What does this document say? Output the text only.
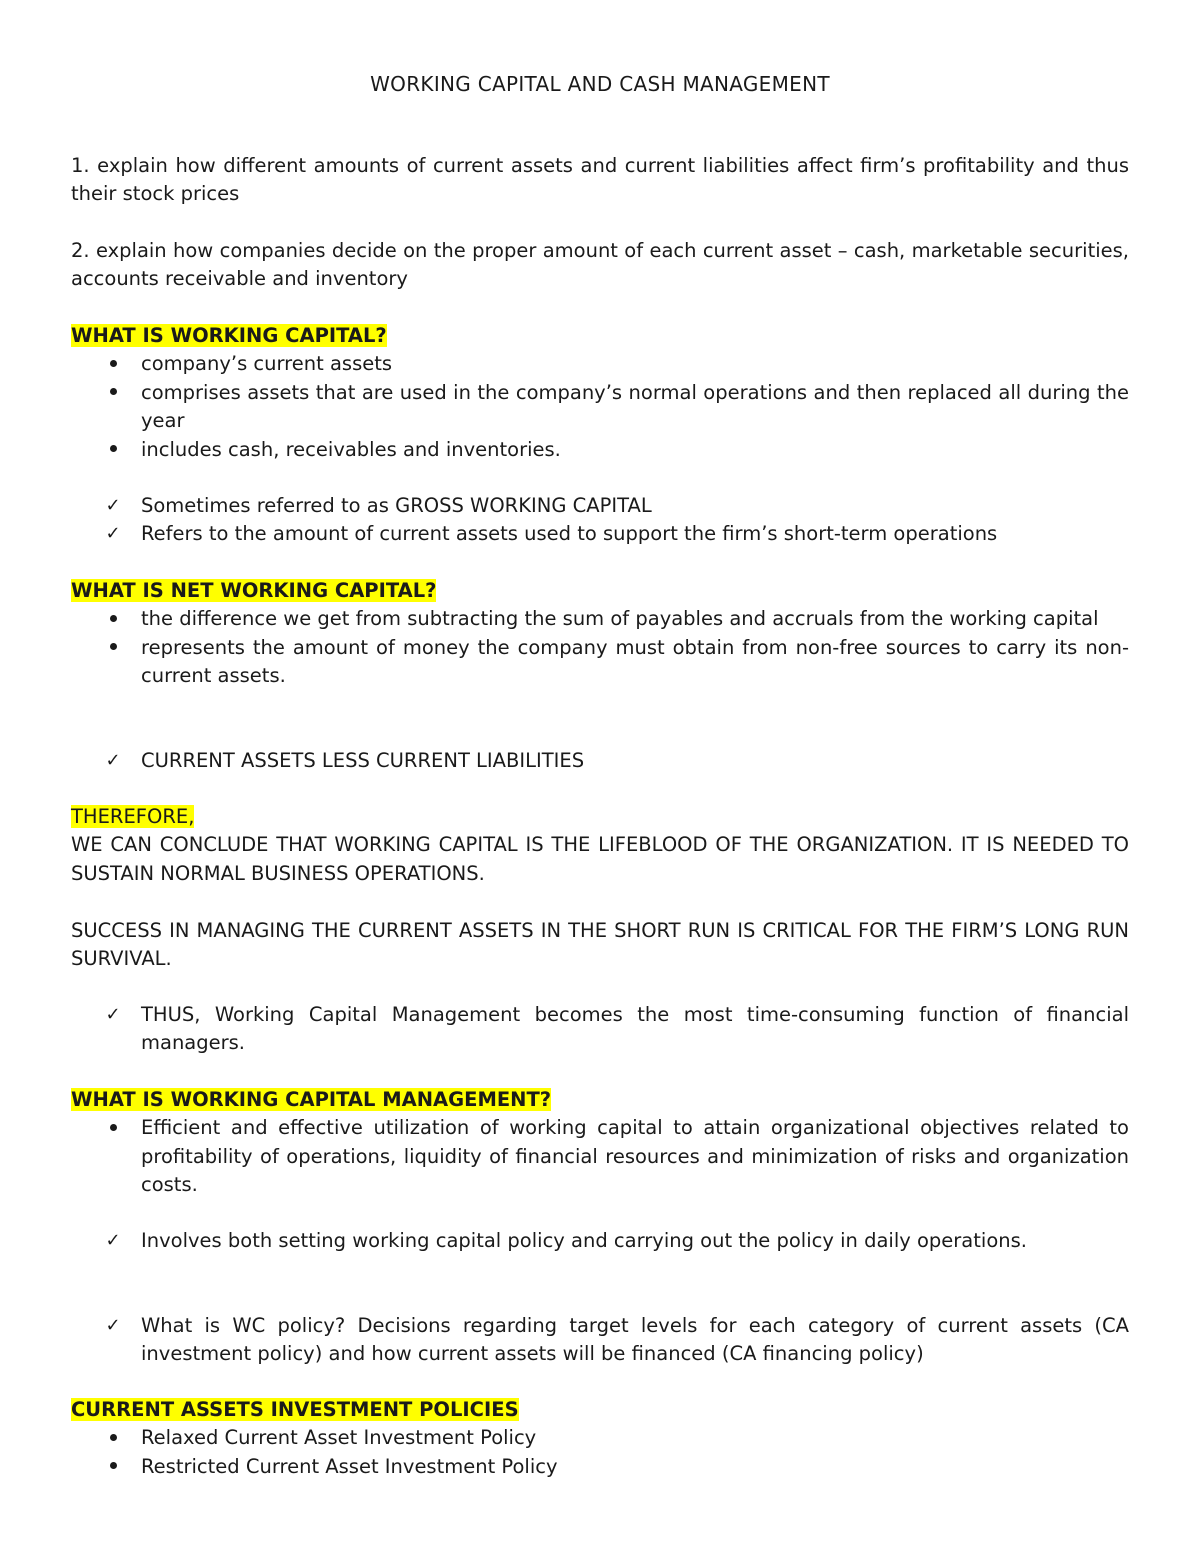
WORKING CAPITAL AND CASH MANAGEMENT
1. explain how different amounts of current assets and current liabilities affect firm’s profitability and thus their stock prices
2. explain how companies decide on the proper amount of each current asset – cash, marketable securities, accounts receivable and inventory
WHAT IS WORKING CAPITAL?
company’s current assets
comprises assets that are used in the company’s normal operations and then replaced all during the year
includes cash, receivables and inventories.
✓ Sometimes referred to as GROSS WORKING CAPITAL
✓ Refers to the amount of current assets used to support the firm’s short-term operations
WHAT IS NET WORKING CAPITAL?
the difference we get from subtracting the sum of payables and accruals from the working capital
represents the amount of money the company must obtain from non-free sources to carry its non-current assets.
✓ CURRENT ASSETS LESS CURRENT LIABILITIES
THEREFORE,
WE CAN CONCLUDE THAT WORKING CAPITAL IS THE LIFEBLOOD OF THE ORGANIZATION. IT IS NEEDED TO SUSTAIN NORMAL BUSINESS OPERATIONS.
SUCCESS IN MANAGING THE CURRENT ASSETS IN THE SHORT RUN IS CRITICAL FOR THE FIRM’S LONG RUN SURVIVAL.
✓ THUS, Working Capital Management becomes the most time-consuming function of financial managers.
WHAT IS WORKING CAPITAL MANAGEMENT?
Efficient and effective utilization of working capital to attain organizational objectives related to profitability of operations, liquidity of financial resources and minimization of risks and organization costs.
✓ Involves both setting working capital policy and carrying out the policy in daily operations.
✓ What is WC policy? Decisions regarding target levels for each category of current assets (CA investment policy) and how current assets will be financed (CA financing policy)
CURRENT ASSETS INVESTMENT POLICIES
Relaxed Current Asset Investment Policy
Restricted Current Asset Investment Policy
